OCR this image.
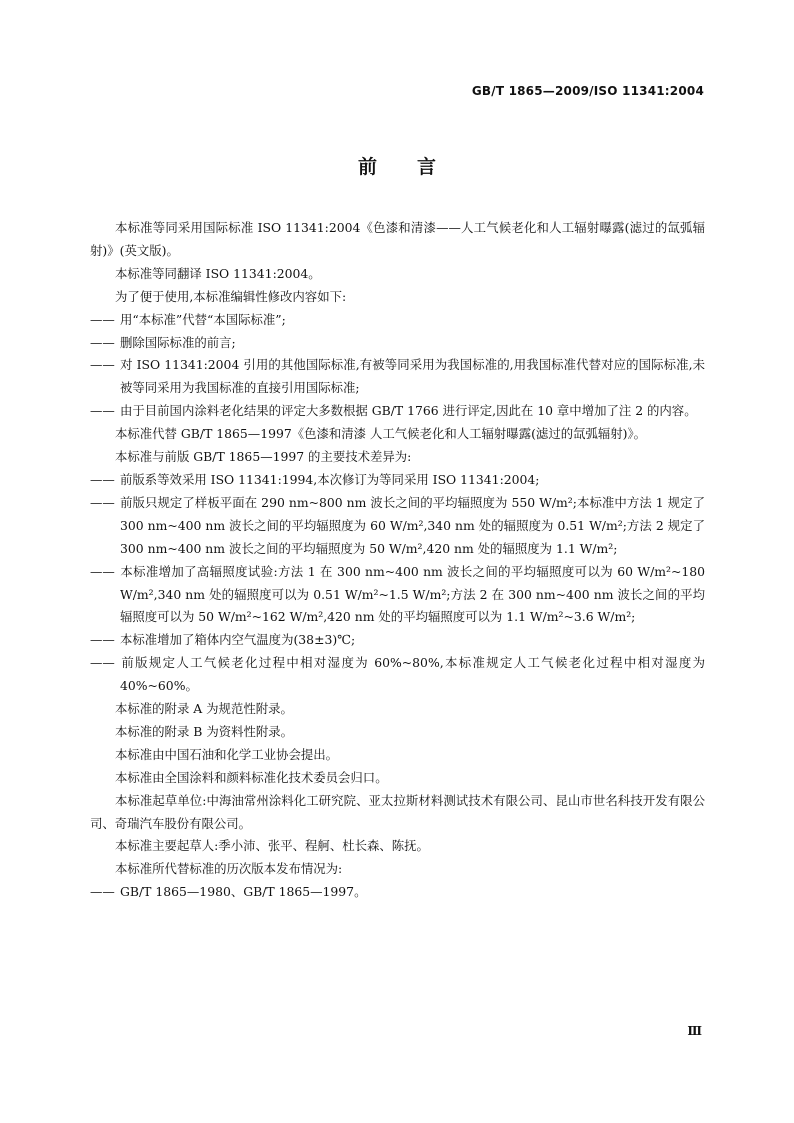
GB/T 1865—2009/ISO 11341:2004
前言

本标准等同采用国际标准 ISO 11341:2004《色漆和清漆——人工气候老化和人工辐射曝露(滤过的氙弧辐射)》(英文版)。

本标准等同翻译 ISO 11341:2004。

为了便于使用,本标准编辑性修改内容如下:

—— 用“本标准”代替“本国际标准”;

—— 删除国际标准的前言;

—— 对 ISO 11341:2004 引用的其他国际标准,有被等同采用为我国标准的,用我国标准代替对应的国际标准,未被等同采用为我国标准的直接引用国际标准;

—— 由于目前国内涂料老化结果的评定大多数根据 GB/T 1766 进行评定,因此在 10 章中增加了注 2 的内容。

本标准代替 GB/T 1865—1997《色漆和清漆 人工气候老化和人工辐射曝露(滤过的氙弧辐射)》。

本标准与前版 GB/T 1865—1997 的主要技术差异为:

—— 前版系等效采用 ISO 11341:1994,本次修订为等同采用 ISO 11341:2004;

—— 前版只规定了样板平面在 290 nm~800 nm 波长之间的平均辐照度为 550 W/m²;本标准中方法 1 规定了 300 nm~400 nm 波长之间的平均辐照度为 60 W/m²,340 nm 处的辐照度为 0.51 W/m²;方法 2 规定了 300 nm~400 nm 波长之间的平均辐照度为 50 W/m²,420 nm 处的辐照度为 1.1 W/m²;

—— 本标准增加了高辐照度试验:方法 1 在 300 nm~400 nm 波长之间的平均辐照度可以为 60 W/m²~180 W/m²,340 nm 处的辐照度可以为 0.51 W/m²~1.5 W/m²;方法 2 在 300 nm~400 nm 波长之间的平均辐照度可以为 50 W/m²~162 W/m²,420 nm 处的平均辐照度可以为 1.1 W/m²~3.6 W/m²;

—— 本标准增加了箱体内空气温度为(38±3)℃;

—— 前版规定人工气候老化过程中相对湿度为 60%~80%,本标准规定人工气候老化过程中相对湿度为 40%~60%。

本标准的附录 A 为规范性附录。

本标准的附录 B 为资料性附录。

本标准由中国石油和化学工业协会提出。

本标准由全国涂料和颜料标准化技术委员会归口。

本标准起草单位:中海油常州涂料化工研究院、亚太拉斯材料测试技术有限公司、昆山市世名科技开发有限公司、奇瑞汽车股份有限公司。

本标准主要起草人:季小沛、张平、程舸、杜长森、陈抚。

本标准所代替标准的历次版本发布情况为:

—— GB/T 1865—1980、GB/T 1865—1997。

Ⅲ
